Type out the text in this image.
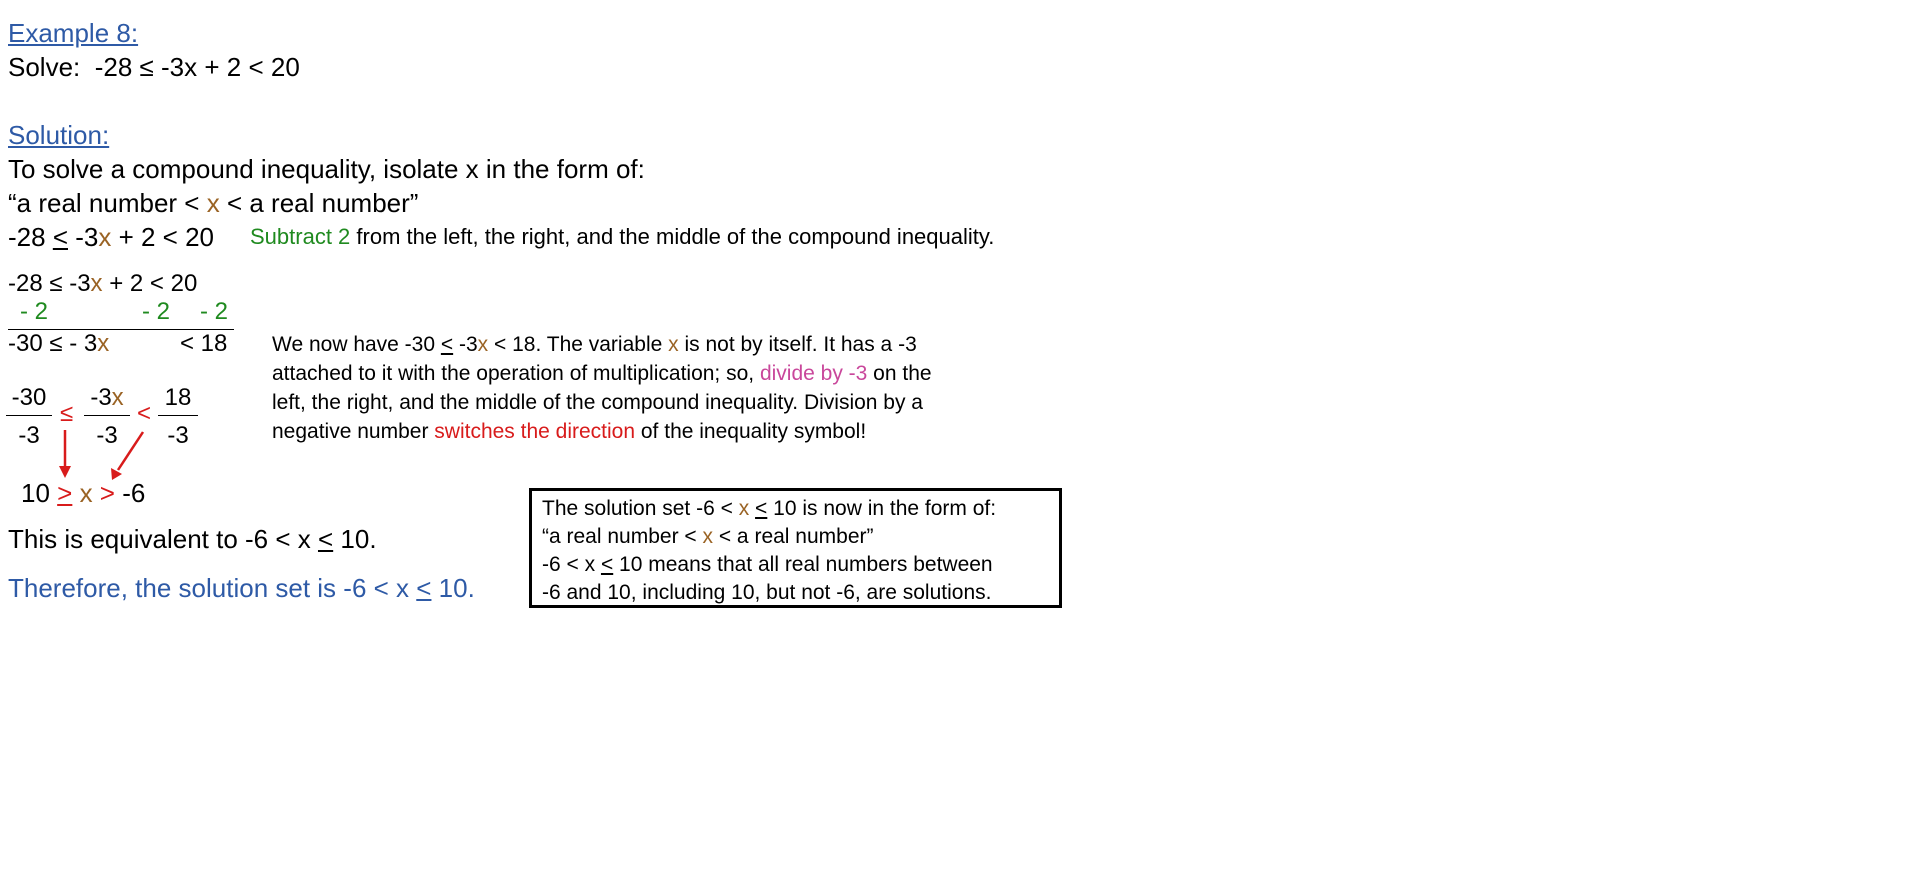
Example 8:
Solve: -28 ≤ -3x + 2 < 20
Solution:
To solve a compound inequality, isolate x in the form of:
“a real number < x < a real number”
-28 ≤ -3x + 2 < 20 Subtract 2 from the left, the right, and the middle of the compound inequality.
-28 ≤ -3x + 2 < 20
- 2	- 2 - 2
-30 ≤ - 3x	< 18
$\frac{-30}{-3} \le \frac{-3x}{-3} < \frac{18}{-3}$
10 ≥ x > -6
This is equivalent to -6 < x ≤ 10.
Therefore, the solution set is -6 < x ≤ 10.
We now have -30 ≤ -3x < 18. The variable x is not by itself. It has a -3
attached to it with the operation of multiplication; so, divide by -3 on the
left, the right, and the middle of the compound inequality. Division by a
negative number switches the direction of the inequality symbol!
The solution set -6 < x ≤ 10 is now in the form of:
“a real number < x < a real number”
-6 < x ≤ 10 means that all real numbers between
-6 and 10, including 10, but not -6, are solutions.
